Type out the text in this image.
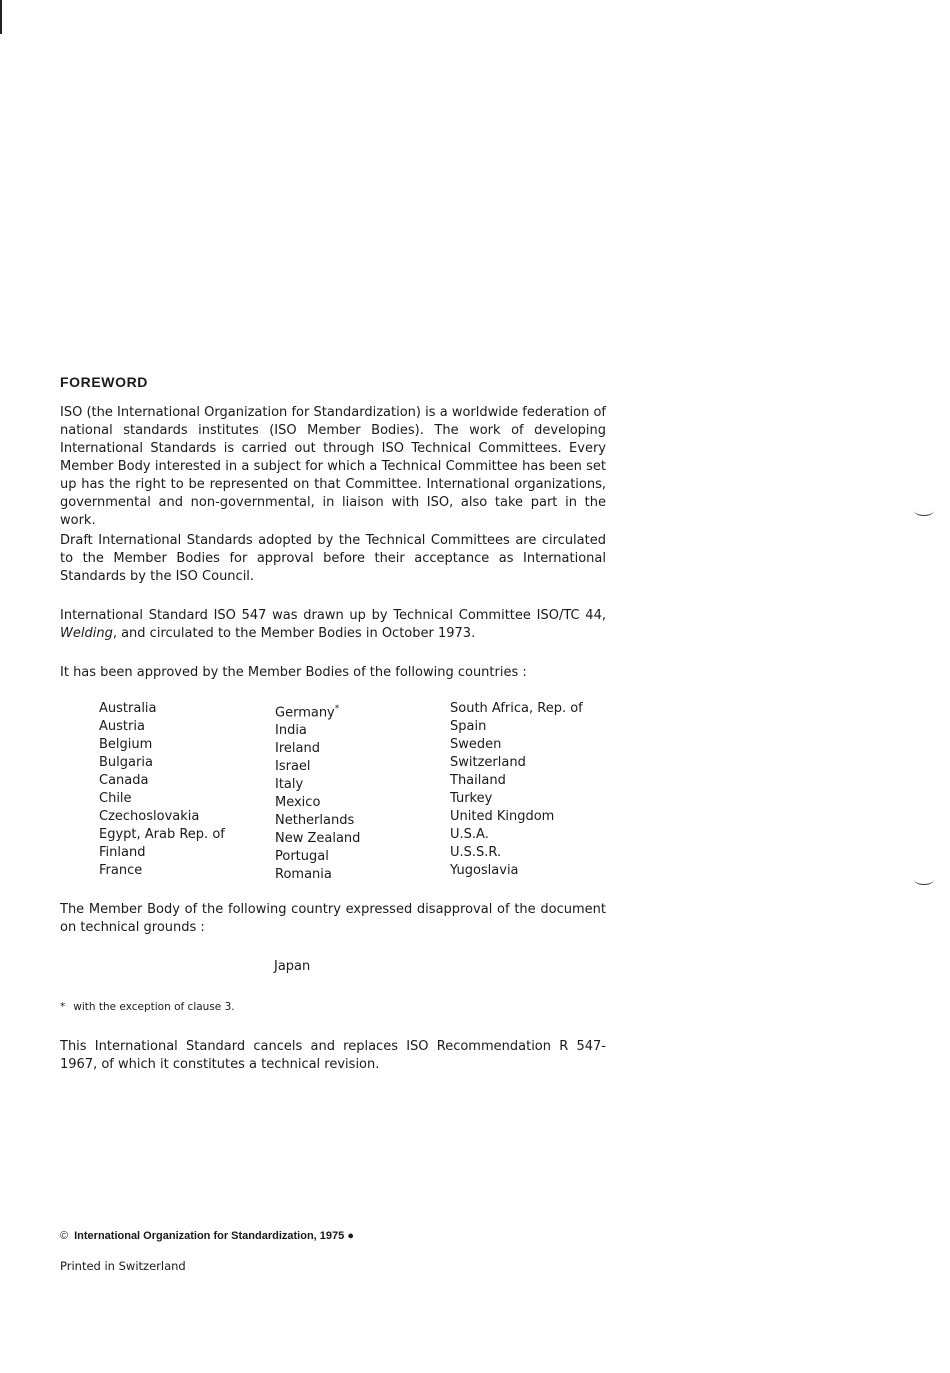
FOREWORD

ISO (the International Organization for Standardization) is a worldwide federation of national standards institutes (ISO Member Bodies). The work of developing International Standards is carried out through ISO Technical Committees. Every Member Body interested in a subject for which a Technical Committee has been set up has the right to be represented on that Committee. International organizations, governmental and non-governmental, in liaison with ISO, also take part in the work.

Draft International Standards adopted by the Technical Committees are circulated to the Member Bodies for approval before their acceptance as International Standards by the ISO Council.

International Standard ISO 547 was drawn up by Technical Committee ISO/TC 44, Welding, and circulated to the Member Bodies in October 1973.

It has been approved by the Member Bodies of the following countries :

Australia
Austria
Belgium
Bulgaria
Canada
Chile
Czechoslovakia
Egypt, Arab Rep. of
Finland
France
Germany*
India
Ireland
Israel
Italy
Mexico
Netherlands
New Zealand
Portugal
Romania
South Africa, Rep. of
Spain
Sweden
Switzerland
Thailand
Turkey
United Kingdom
U.S.A.
U.S.S.R.
Yugoslavia

The Member Body of the following country expressed disapproval of the document on technical grounds :

Japan
* with the exception of clause 3.

This International Standard cancels and replaces ISO Recommendation R 547-1967, of which it constitutes a technical revision.

© International Organization for Standardization, 1975 ●
Printed in Switzerland
